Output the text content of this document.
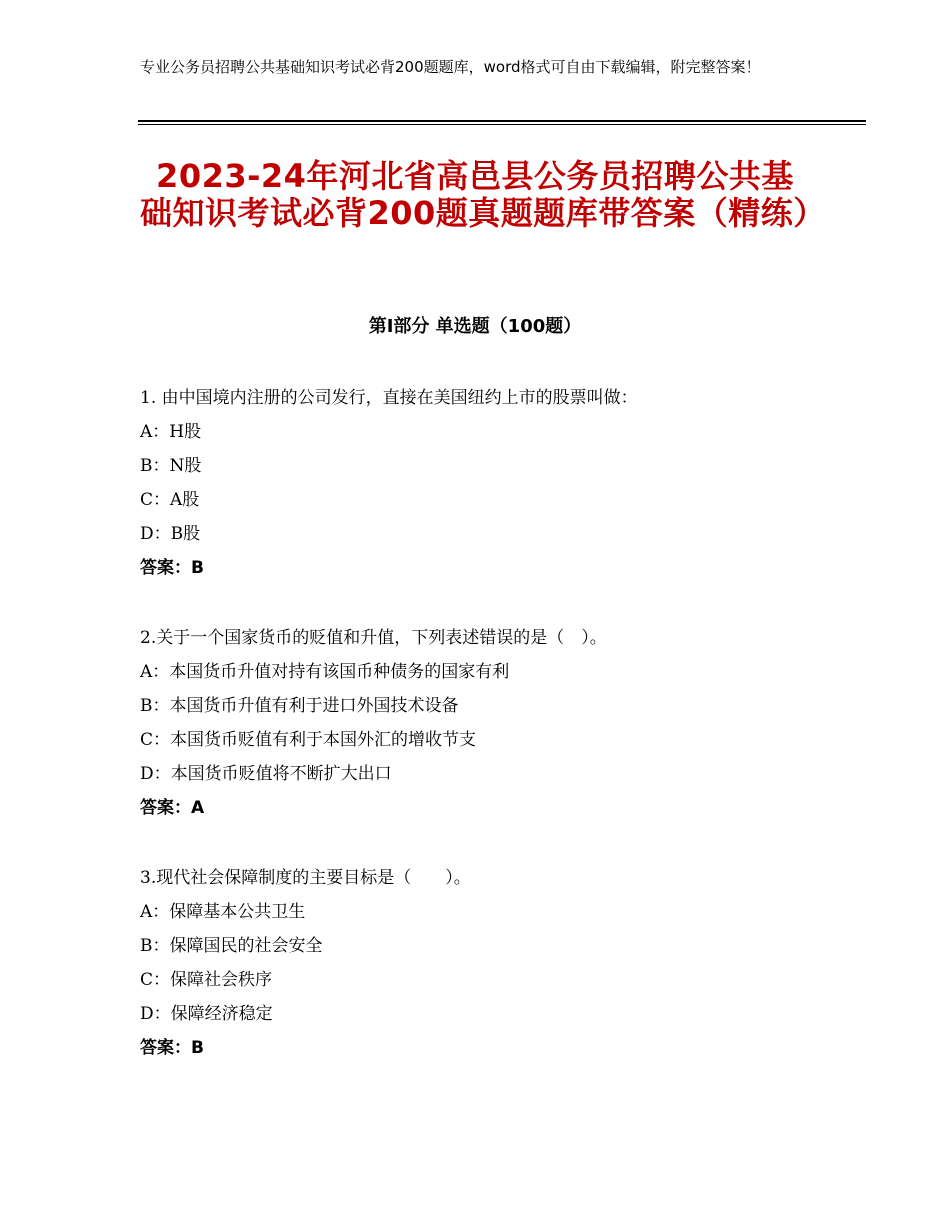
专业公务员招聘公共基础知识考试必背200题题库，word格式可自由下载编辑，附完整答案！
2023-24年河北省高邑县公务员招聘公共基础知识考试必背200题真题题库带答案（精练）
第Ⅰ部分 单选题（100题）
1. 由中国境内注册的公司发行，直接在美国纽约上市的股票叫做：
A：H股
B：N股
C：A股
D：B股
答案：B
2.关于一个国家货币的贬值和升值，下列表述错误的是（　）。
A：本国货币升值对持有该国币种债务的国家有利
B：本国货币升值有利于进口外国技术设备
C：本国货币贬值有利于本国外汇的增收节支
D：本国货币贬值将不断扩大出口
答案：A
3.现代社会保障制度的主要目标是（　　）。
A：保障基本公共卫生
B：保障国民的社会安全
C：保障社会秩序
D：保障经济稳定
答案：B
